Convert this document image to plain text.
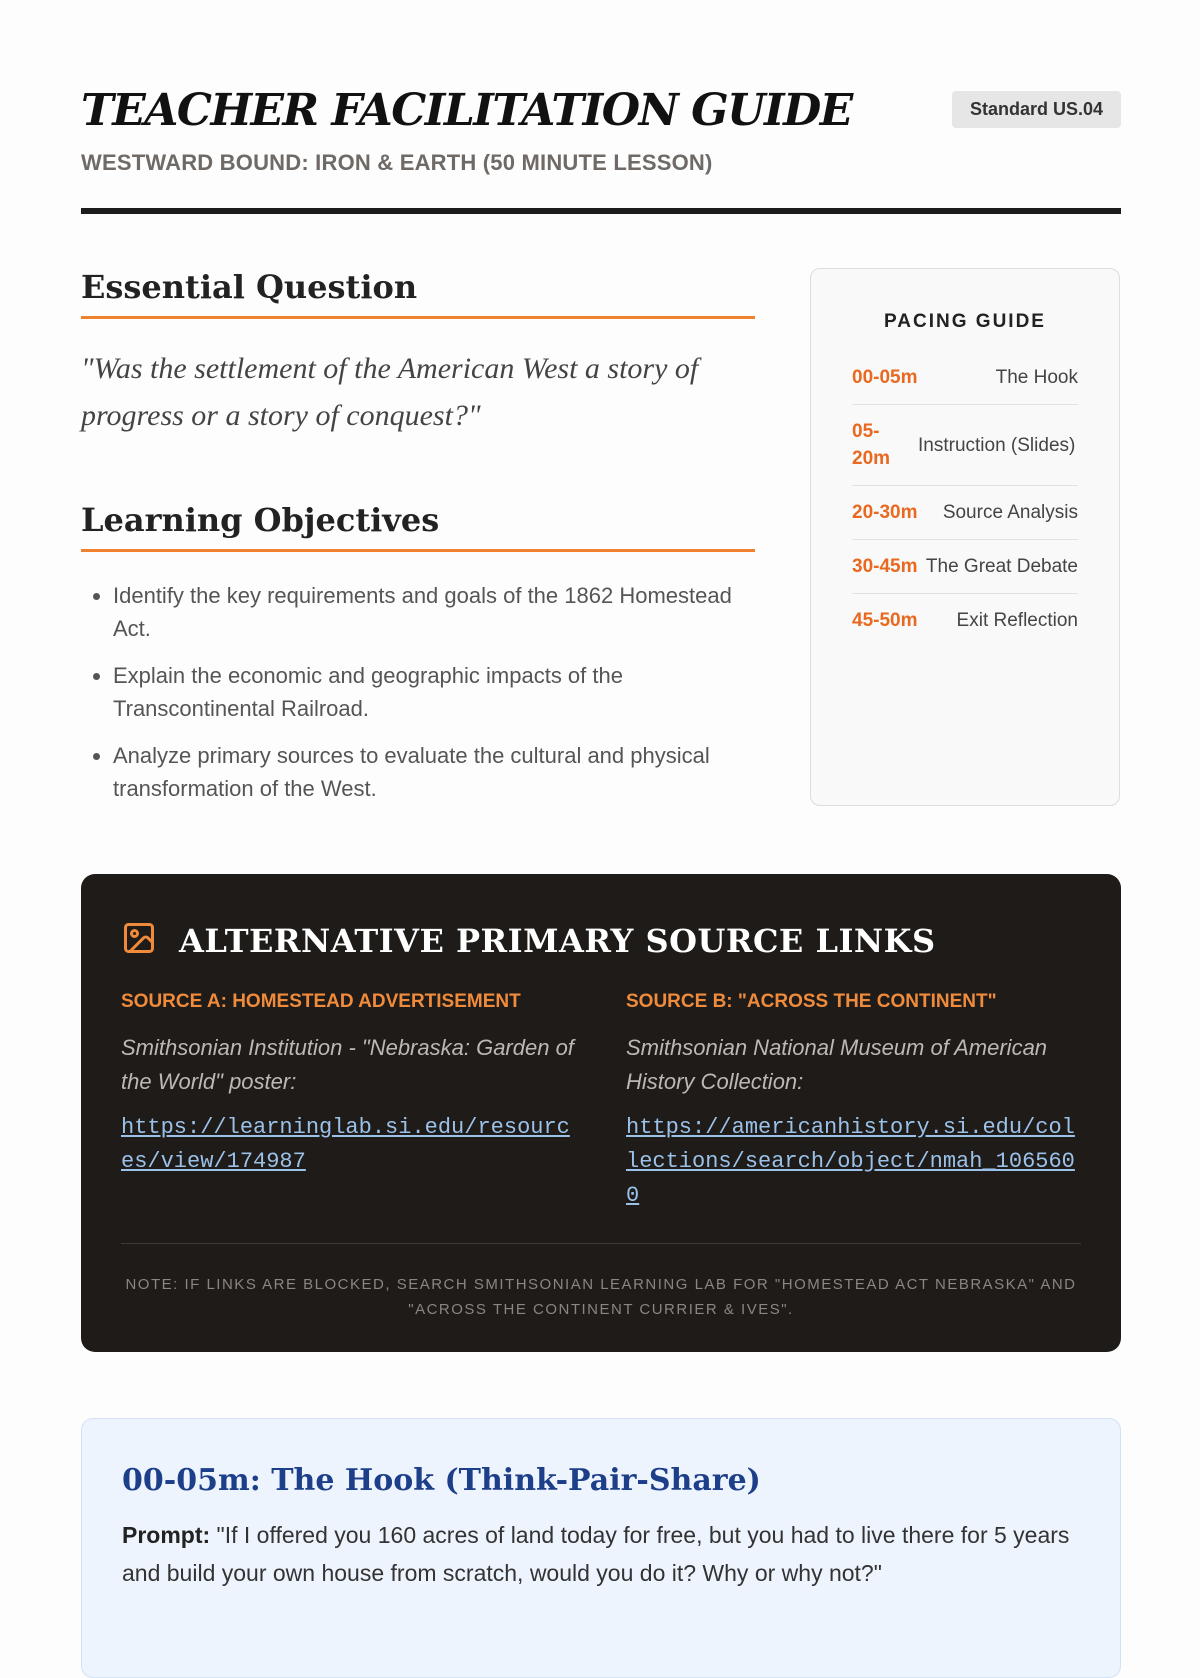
TEACHER FACILITATION GUIDE
WESTWARD BOUND: IRON & EARTH (50 MINUTE LESSON)
Standard US.04
Essential Question

"Was the settlement of the American West a story of progress or a story of conquest?"

Learning Objectives
• Identify the key requirements and goals of the 1862 Homestead Act.
• Explain the economic and geographic impacts of the Transcontinental Railroad.
• Analyze primary sources to evaluate the cultural and physical transformation of the West.
PACING GUIDE
00-05m	The Hook
05-20m
Instruction (Slides)
20-30m Source Analysis
30-45m The Great Debate
45-50m Exit Reflection
ALTERNATIVE PRIMARY SOURCE LINKS
SOURCE A: HOMESTEAD ADVERTISEMENT
Smithsonian Institution - "Nebraska: Garden of the World" poster:
https://learninglab.si.edu/resources/view/174987
SOURCE B: "ACROSS THE CONTINENT"
Smithsonian National Museum of American History Collection:
https://americanhistory.si.edu/collections/search/object/nmah_1065600
NOTE: IF LINKS ARE BLOCKED, SEARCH SMITHSONIAN LEARNING LAB FOR "HOMESTEAD ACT NEBRASKA" AND "ACROSS THE CONTINENT CURRIER & IVES".
00-05m: The Hook (Think-Pair-Share)
Prompt: "If I offered you 160 acres of land today for free, but you had to live there for 5 years and build your own house from scratch, would you do it? Why or why not?"
